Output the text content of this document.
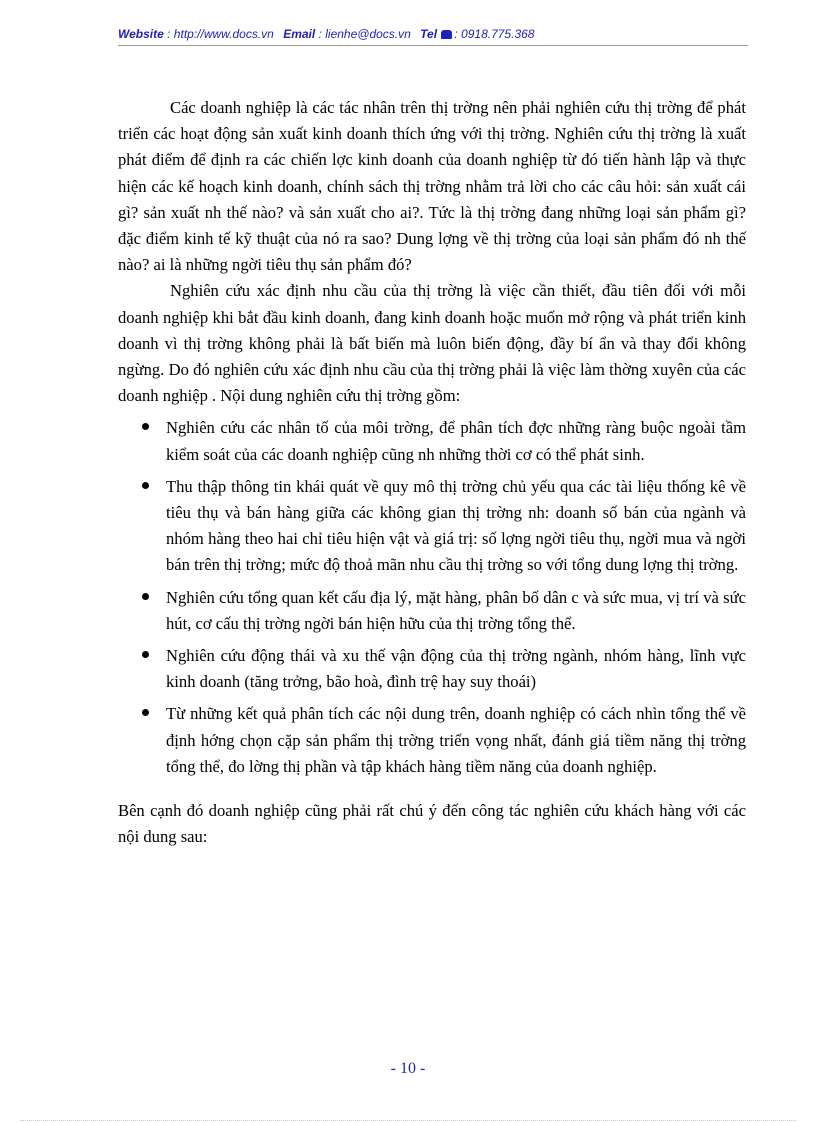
Website : http://www.docs.vn Email : lienhe@docs.vn Tel : 0918.775.368

Các doanh nghiệp là các tác nhân trên thị trờng nên phải nghiên cứu thị trờng để phát triển các hoạt động sản xuất kinh doanh thích ứng với thị trờng. Nghiên cứu thị trờng là xuất phát điểm để định ra các chiến lợc kinh doanh của doanh nghiệp từ đó tiến hành lập và thực hiện các kế hoạch kinh doanh, chính sách thị trờng nhằm trả lời cho các câu hỏi: sản xuất cái gì? sản xuất nh thế nào? và sản xuất cho ai?. Tức là thị trờng đang những loại sản phẩm gì? đặc điểm kinh tế kỹ thuật của nó ra sao? Dung lợng về thị trờng của loại sản phẩm đó nh thế nào? ai là những ngời tiêu thụ sản phẩm đó?

Nghiên cứu xác định nhu cầu của thị trờng là việc cần thiết, đầu tiên đối với mỗi doanh nghiệp khi bắt đầu kinh doanh, đang kinh doanh hoặc muốn mở rộng và phát triển kinh doanh vì thị trờng không phải là bất biến mà luôn biến động, đầy bí ẩn và thay đổi không ngừng. Do đó nghiên cứu xác định nhu cầu của thị trờng phải là việc làm thờng xuyên của các doanh nghiệp . Nội dung nghiên cứu thị trờng gồm:

Nghiên cứu các nhân tố của môi trờng, để phân tích đợc những ràng buộc ngoài tầm kiểm soát của các doanh nghiệp cũng nh những thời cơ có thể phát sinh.
Thu thập thông tin khái quát về quy mô thị trờng chủ yếu qua các tài liệu thống kê về tiêu thụ và bán hàng giữa các không gian thị trờng nh: doanh số bán của ngành và nhóm hàng theo hai chỉ tiêu hiện vật và giá trị: số lợng ngời tiêu thụ, ngời mua và ngời bán trên thị trờng; mức độ thoả mãn nhu cầu thị trờng so với tổng dung lợng thị trờng.
Nghiên cứu tổng quan kết cấu địa lý, mặt hàng, phân bố dân c và sức mua, vị trí và sức hút, cơ cấu thị trờng ngời bán hiện hữu của thị trờng tổng thể.
Nghiên cứu động thái và xu thế vận động của thị trờng ngành, nhóm hàng, lĩnh vực kinh doanh (tăng trởng, bão hoà, đình trệ hay suy thoái)
Từ những kết quả phân tích các nội dung trên, doanh nghiệp có cách nhìn tổng thể về định hớng chọn cặp sản phẩm thị trờng triển vọng nhất, đánh giá tiềm năng thị trờng tổng thể, đo lờng thị phần và tập khách hàng tiềm năng của doanh nghiệp.

Bên cạnh đó doanh nghiệp cũng phải rất chú ý đến công tác nghiên cứu khách hàng với các nội dung sau:

- 10 -
